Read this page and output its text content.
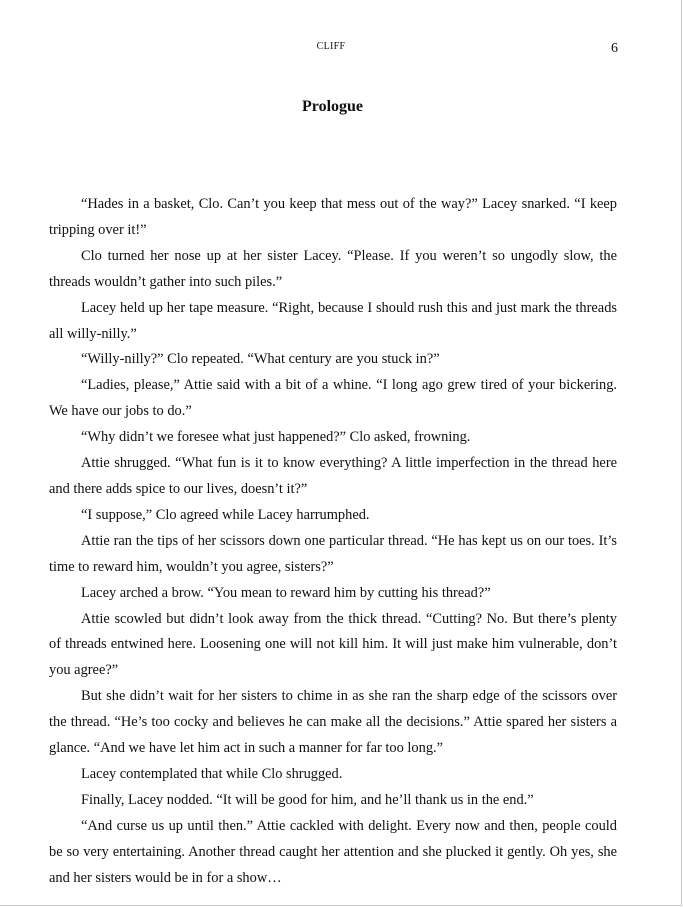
CLIFF	6
Prologue

“Hades in a basket, Clo. Can’t you keep that mess out of the way?” Lacey snarked. “I keep tripping over it!”

Clo turned her nose up at her sister Lacey. “Please. If you weren’t so ungodly slow, the threads wouldn’t gather into such piles.”

Lacey held up her tape measure. “Right, because I should rush this and just mark the threads all willy-nilly.”

“Willy-nilly?” Clo repeated. “What century are you stuck in?”

“Ladies, please,” Attie said with a bit of a whine. “I long ago grew tired of your bickering. We have our jobs to do.”

“Why didn’t we foresee what just happened?” Clo asked, frowning.

Attie shrugged. “What fun is it to know everything? A little imperfection in the thread here and there adds spice to our lives, doesn’t it?”

“I suppose,” Clo agreed while Lacey harrumphed.

Attie ran the tips of her scissors down one particular thread. “He has kept us on our toes. It’s time to reward him, wouldn’t you agree, sisters?”

Lacey arched a brow. “You mean to reward him by cutting his thread?”

Attie scowled but didn’t look away from the thick thread. “Cutting? No. But there’s plenty of threads entwined here. Loosening one will not kill him. It will just make him vulnerable, don’t you agree?”

But she didn’t wait for her sisters to chime in as she ran the sharp edge of the scissors over the thread. “He’s too cocky and believes he can make all the decisions.” Attie spared her sisters a glance. “And we have let him act in such a manner for far too long.”

Lacey contemplated that while Clo shrugged.

Finally, Lacey nodded. “It will be good for him, and he’ll thank us in the end.”

“And curse us up until then.” Attie cackled with delight. Every now and then, people could be so very entertaining. Another thread caught her attention and she plucked it gently. Oh yes, she and her sisters would be in for a show…
